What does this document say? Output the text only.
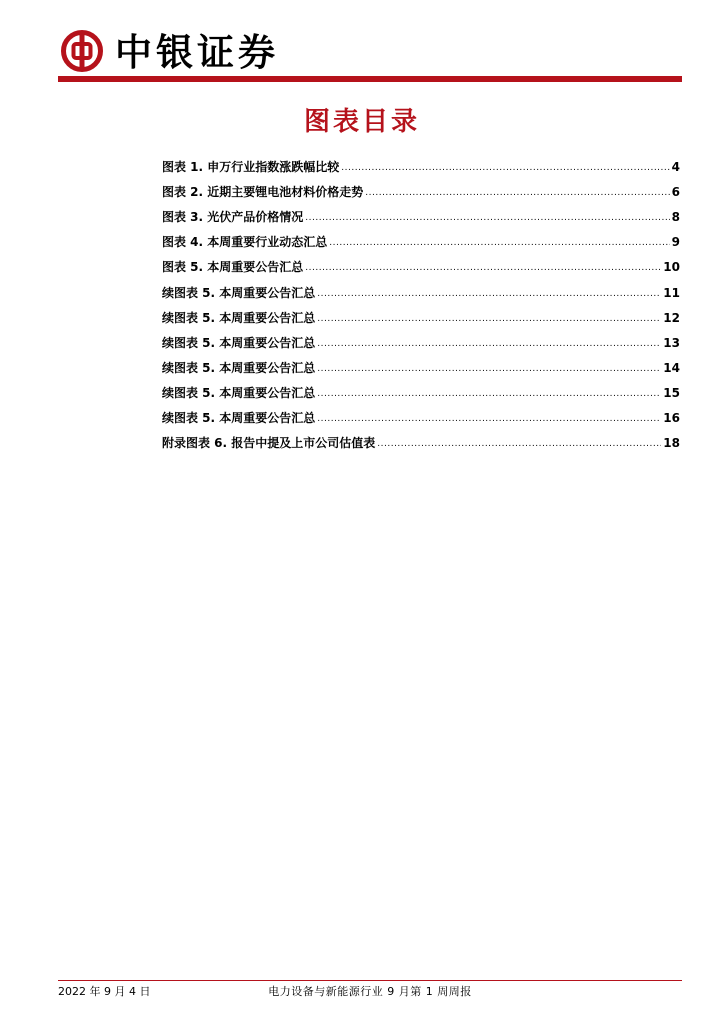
中银证券
图表目录
图表 1. 申万行业指数涨跌幅比较 .....	4
图表 2. 近期主要锂电池材料价格走势 .....	6
图表 3. 光伏产品价格情况 .....	8
图表 4. 本周重要行业动态汇总 .....	9
图表 5. 本周重要公告汇总 .....	10
续图表 5. 本周重要公告汇总 .....	11
续图表 5. 本周重要公告汇总 .....	12
续图表 5. 本周重要公告汇总 .....	13
续图表 5. 本周重要公告汇总 .....	14
续图表 5. 本周重要公告汇总 .....	15
续图表 5. 本周重要公告汇总 .....	16
附录图表 6. 报告中提及上市公司估值表 .....	18
2022 年 9 月 4 日	电力设备与新能源行业 9 月第 1 周周报
